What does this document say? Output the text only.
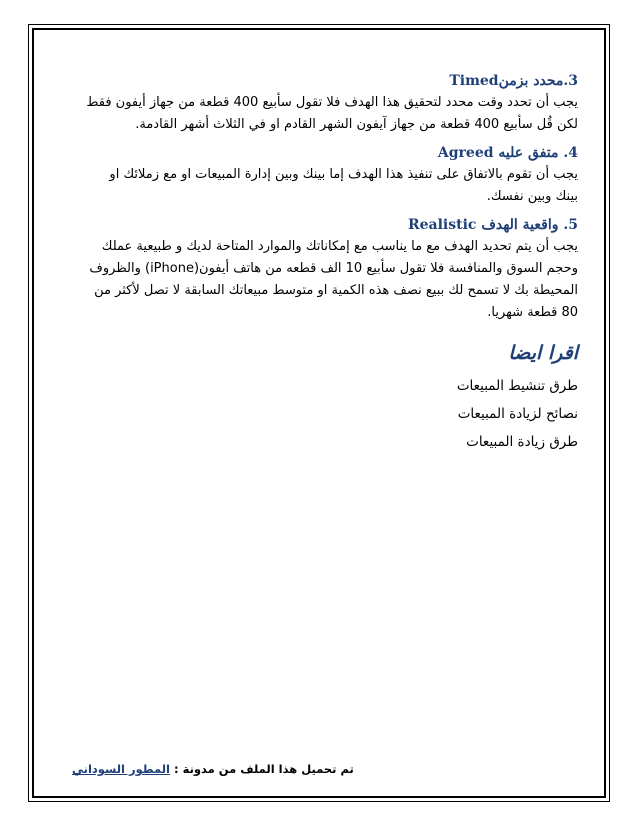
3.محدد بزمنTimed

يجب أن تحدد وقت محدد لتحقيق هذا الهدف فلا تقول سأبيع 400 قطعة من جهاز أيفون فقط

لكن قُل سأبيع 400 قطعة من جهاز آيفون الشهر القادم او في الثلاث أشهر القادمة.

4. متفق عليه Agreed

يجب أن تقوم بالاتفاق على تنفيذ هذا الهدف إما بينك وبين إدارة المبيعات او مع زملائك او

بينك وبين نفسك.

5. واقعية الهدف Realistic

يجب أن يتم تحديد الهدف مع ما يناسب مع إمكاناتك والموارد المتاحة لديك و طبيعية عملك

وحجم السوق والمنافسة فلا تقول سأبيع 10 الف قطعه من هاتف أيفون(iPhone) والظروف

المحيطة بك لا تسمح لك ببيع نصف هذه الكمية او متوسط مبيعاتك السابقة لا تصل لأكثر من

80 قطعة شهريا.

اقرا ايضا

طرق تنشيط المبيعات

نصائح لزيادة المبيعات

طرق زيادة المبيعات

تم تحميل هذا الملف من مدونة : المطور السوداني
